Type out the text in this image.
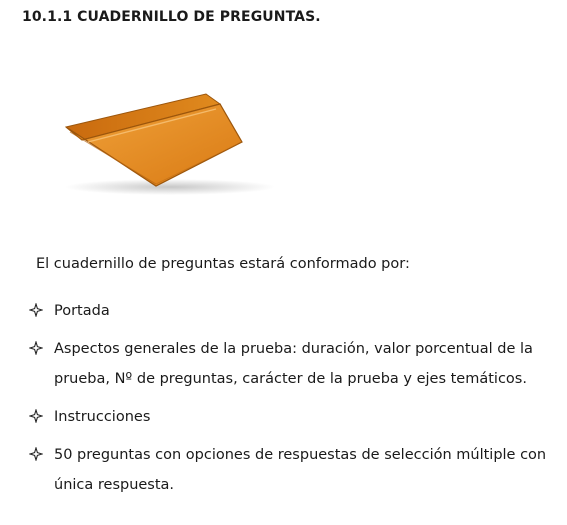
10.1.1 CUADERNILLO DE PREGUNTAS.
El cuadernillo de preguntas estará conformado por:
Portada
Aspectos generales de la prueba: duración, valor porcentual de la prueba, Nº de preguntas, carácter de la prueba y ejes temáticos.
Instrucciones
50 preguntas con opciones de respuestas de selección múltiple con única respuesta.
